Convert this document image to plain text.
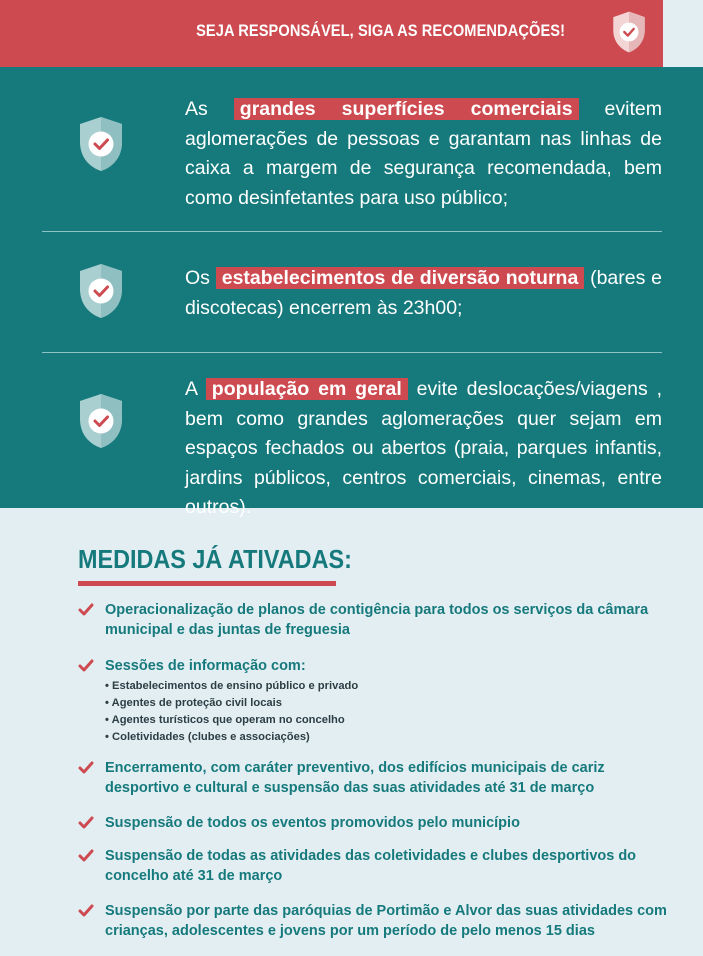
SEJA RESPONSÁVEL, SIGA AS RECOMENDAÇÕES!
As grandes superfícies comerciais evitem aglomerações de pessoas e garantam nas linhas de caixa a margem de segurança recomendada, bem como desinfetantes para uso público;
Os estabelecimentos de diversão noturna (bares e discotecas) encerrem às 23h00;
A população em geral evite deslocações/viagens , bem como grandes aglomerações quer sejam em espaços fechados ou abertos (praia, parques infantis, jardins públicos, centros comerciais, cinemas, entre outros).
MEDIDAS JÁ ATIVADAS:
Operacionalização de planos de contigência para todos os serviços da câmara municipal e das juntas de freguesia
Sessões de informação com:
• Estabelecimentos de ensino público e privado
• Agentes de proteção civil locais
• Agentes turísticos que operam no concelho
• Coletividades (clubes e associações)
Encerramento, com caráter preventivo, dos edifícios municipais de cariz desportivo e cultural e suspensão das suas atividades até 31 de março
Suspensão de todos os eventos promovidos pelo município
Suspensão de todas as atividades das coletividades e clubes desportivos do concelho até 31 de março
Suspensão por parte das paróquias de Portimão e Alvor das suas atividades com crianças, adolescentes e jovens por um período de pelo menos 15 dias
